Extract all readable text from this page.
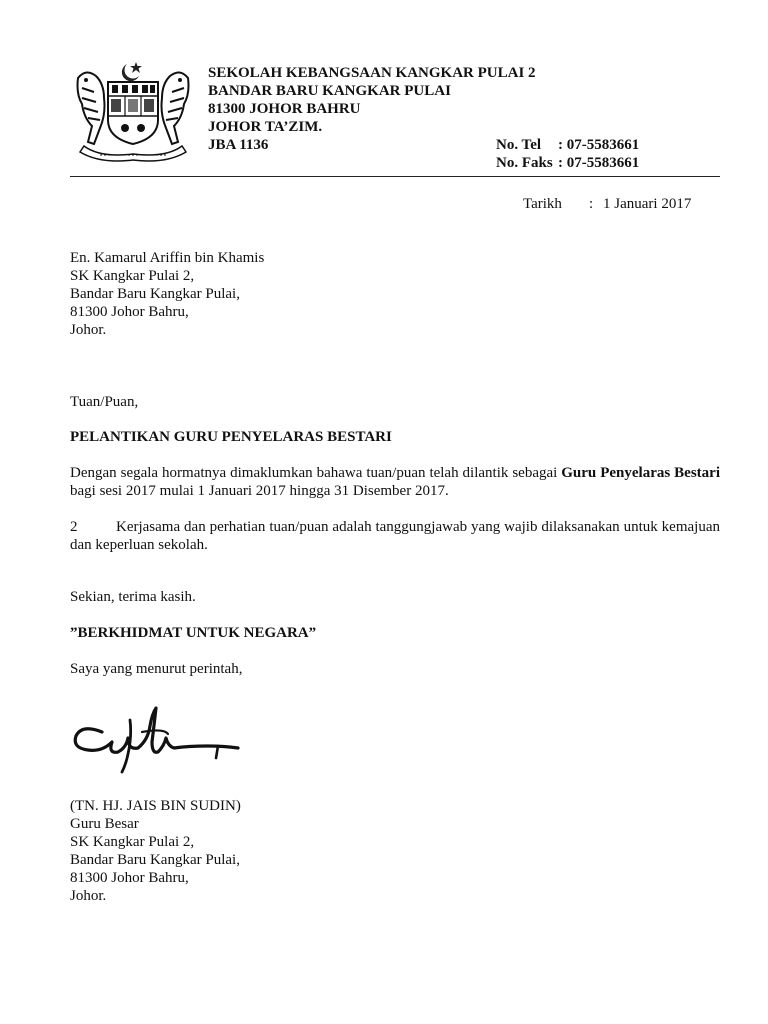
SEKOLAH KEBANGSAAN KANGKAR PULAI 2
BANDAR BARU KANGKAR PULAI
81300 JOHOR BAHRU
JOHOR TA’ZIM.
JBA 1136	No. Tel : 07-5583661
No. Faks : 07-5583661
Tarikh : 1 Januari 2017
En. Kamarul Ariffin bin Khamis
SK Kangkar Pulai 2,
Bandar Baru Kangkar Pulai,
81300 Johor Bahru,
Johor.
Tuan/Puan,
PELANTIKAN GURU PENYELARAS BESTARI
Dengan segala hormatnya dimaklumkan bahawa tuan/puan telah dilantik sebagai Guru Penyelaras Bestari bagi sesi 2017 mulai 1 Januari 2017 hingga 31 Disember 2017.
2	Kerjasama dan perhatian tuan/puan adalah tanggungjawab yang wajib dilaksanakan untuk kemajuan dan keperluan sekolah.
Sekian, terima kasih.
”BERKHIDMAT UNTUK NEGARA”
Saya yang menurut perintah,
(TN. HJ. JAIS BIN SUDIN)
Guru Besar
SK Kangkar Pulai 2,
Bandar Baru Kangkar Pulai,
81300 Johor Bahru,
Johor.
